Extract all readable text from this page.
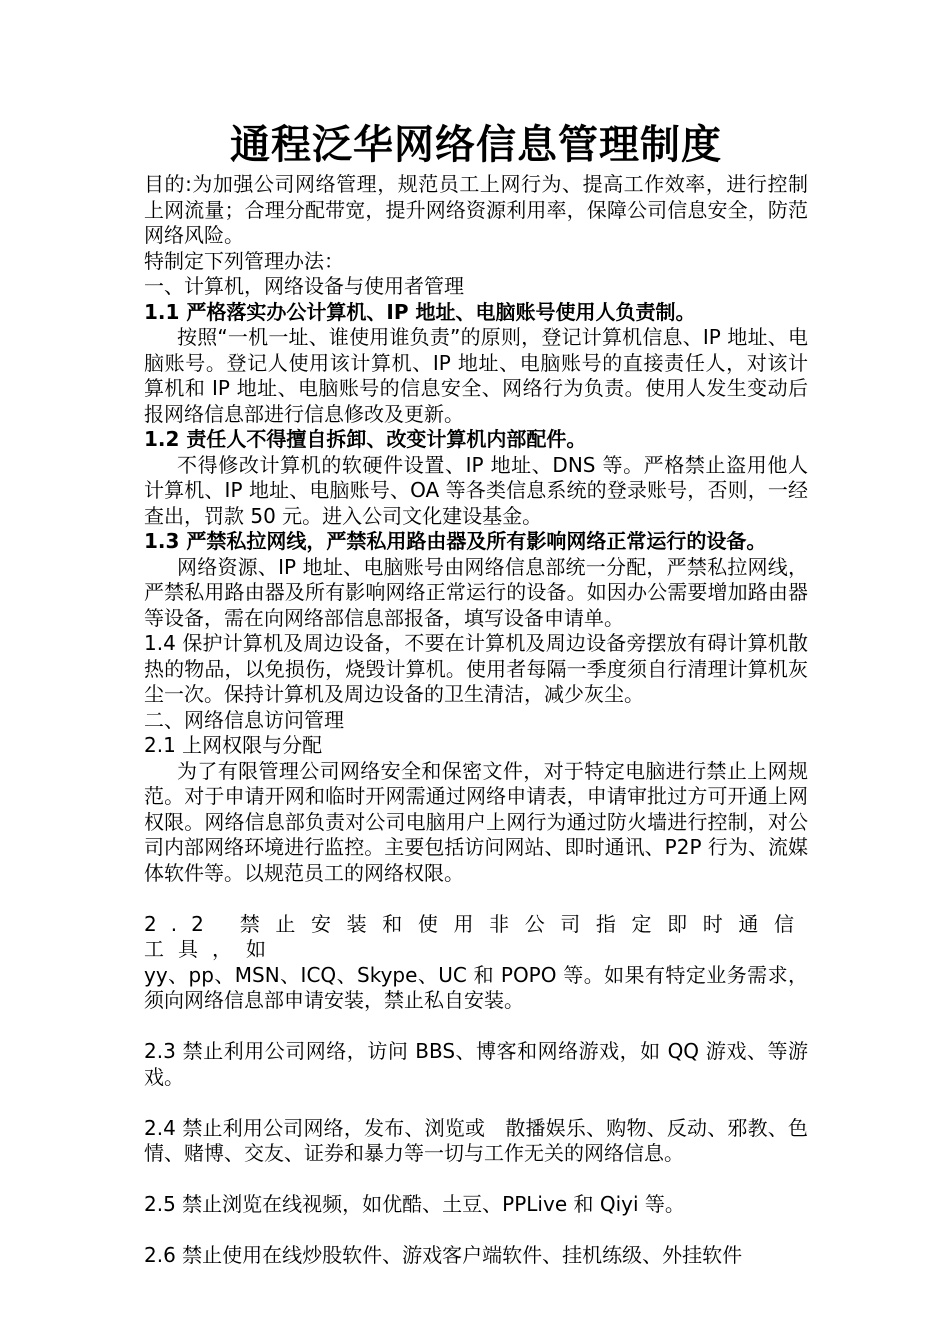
通程泛华网络信息管理制度

目的:为加强公司网络管理，规范员工上网行为、提高工作效率，进行控制上网流量；合理分配带宽，提升网络资源利用率，保障公司信息安全，防范网络风险。

特制定下列管理办法：

一、计算机，网络设备与使用者管理

1.1 严格落实办公计算机、IP 地址、电脑账号使用人负责制。

按照“一机一址、谁使用谁负责”的原则，登记计算机信息、IP 地址、电脑账号。登记人使用该计算机、IP 地址、电脑账号的直接责任人，对该计算机和 IP 地址、电脑账号的信息安全、网络行为负责。使用人发生变动后报网络信息部进行信息修改及更新。

1.2 责任人不得擅自拆卸、改变计算机内部配件。

不得修改计算机的软硬件设置、IP 地址、DNS 等。严格禁止盗用他人计算机、IP 地址、电脑账号、OA 等各类信息系统的登录账号，否则，一经查出，罚款 50 元。进入公司文化建设基金。

1.3 严禁私拉网线，严禁私用路由器及所有影响网络正常运行的设备。

网络资源、IP 地址、电脑账号由网络信息部统一分配，严禁私拉网线，严禁私用路由器及所有影响网络正常运行的设备。如因办公需要增加路由器等设备，需在向网络部信息部报备，填写设备申请单。

1.4 保护计算机及周边设备，不要在计算机及周边设备旁摆放有碍计算机散热的物品，以免损伤，烧毁计算机。使用者每隔一季度须自行清理计算机灰尘一次。保持计算机及周边设备的卫生清洁，减少灰尘。

二、网络信息访问管理

2.1 上网权限与分配

为了有限管理公司网络安全和保密文件，对于特定电脑进行禁止上网规范。对于申请开网和临时开网需通过网络申请表，申请审批过方可开通上网权限。网络信息部负责对公司电脑用户上网行为通过防火墙进行控制，对公司内部网络环境进行监控。主要包括访问网站、即时通讯、P2P 行为、流媒体软件等。以规范员工的网络权限。

2.2 禁止安装和使用非公司指定即时通信工具，如

yy、pp、MSN、ICQ、Skype、UC 和 POPO 等。如果有特定业务需求，须向网络信息部申请安装，禁止私自安装。

2.3 禁止利用公司网络，访问 BBS、博客和网络游戏，如 QQ 游戏、等游戏。

2.4 禁止利用公司网络，发布、浏览或　散播娱乐、购物、反动、邪教、色情、赌博、交友、证券和暴力等一切与工作无关的网络信息。

2.5 禁止浏览在线视频，如优酷、土豆、PPLive 和 Qiyi 等。

2.6 禁止使用在线炒股软件、游戏客户端软件、挂机练级、外挂软件
